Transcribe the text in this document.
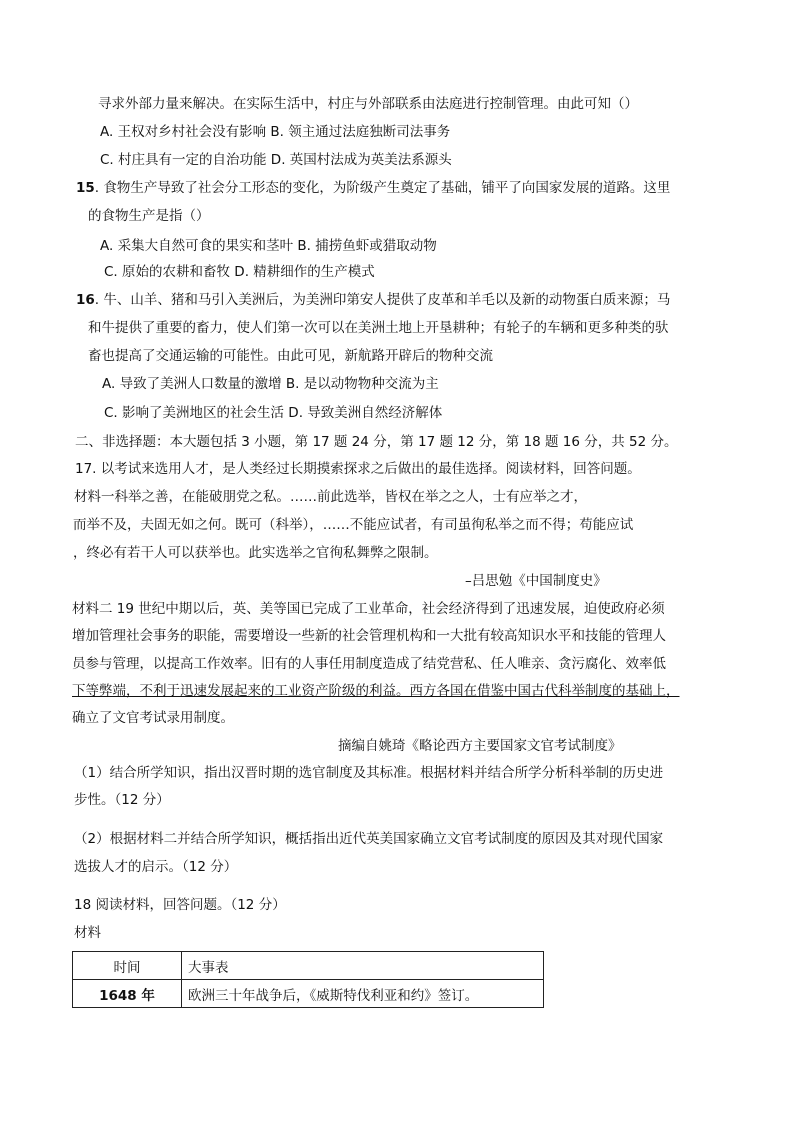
寻求外部力量来解决。在实际生活中，村庄与外部联系由法庭进行控制管理。由此可知（）
A. 王权对乡村社会没有影响 B. 领主通过法庭独断司法事务
C. 村庄具有一定的自治功能 D. 英国村法成为英美法系源头
15. 食物生产导致了社会分工形态的变化，为阶级产生奠定了基础，铺平了向国家发展的道路。这里
的食物生产是指（）
A. 采集大自然可食的果实和茎叶 B. 捕捞鱼虾或猎取动物
C. 原始的农耕和畜牧 D. 精耕细作的生产模式
16. 牛、山羊、猪和马引入美洲后，为美洲印第安人提供了皮革和羊毛以及新的动物蛋白质来源；马
和牛提供了重要的畜力，使人们第一次可以在美洲土地上开垦耕种；有轮子的车辆和更多种类的驮
畜也提高了交通运输的可能性。由此可见，新航路开辟后的物种交流
A. 导致了美洲人口数量的激增 B. 是以动物物种交流为主
C. 影响了美洲地区的社会生活 D. 导致美洲自然经济解体
二、非选择题：本大题包括 3 小题，第 17 题 24 分，第 17 题 12 分，第 18 题 16 分，共 52 分。
17. 以考试来选用人才，是人类经过长期摸索探求之后做出的最佳选择。阅读材料，回答问题。
材料一科举之善，在能破朋党之私。……前此选举，皆权在举之之人，士有应举之才，
而举不及，夫固无如之何。既可（科举），……不能应试者，有司虽徇私举之而不得；苟能应试
，终必有若干人可以获举也。此实选举之官徇私舞弊之限制。
–吕思勉《中国制度史》
材料二 19 世纪中期以后，英、美等国已完成了工业革命，社会经济得到了迅速发展，迫使政府必须
增加管理社会事务的职能，需要增设一些新的社会管理机构和一大批有较高知识水平和技能的管理人
员参与管理，以提高工作效率。旧有的人事任用制度造成了结党营私、任人唯亲、贪污腐化、效率低
下等弊端，不利于迅速发展起来的工业资产阶级的利益。西方各国在借鉴中国古代科举制度的基础上，
确立了文官考试录用制度。
摘编自姚琦《略论西方主要国家文官考试制度》
（1）结合所学知识，指出汉晋时期的选官制度及其标准。根据材料并结合所学分析科举制的历史进
步性。（12 分）
（2）根据材料二并结合所学知识，概括指出近代英美国家确立文官考试制度的原因及其对现代国家
选拔人才的启示。（12 分）
18 阅读材料，回答问题。（12 分）
材料
时间	大事表
1648 年	欧洲三十年战争后，《威斯特伐利亚和约》签订。
